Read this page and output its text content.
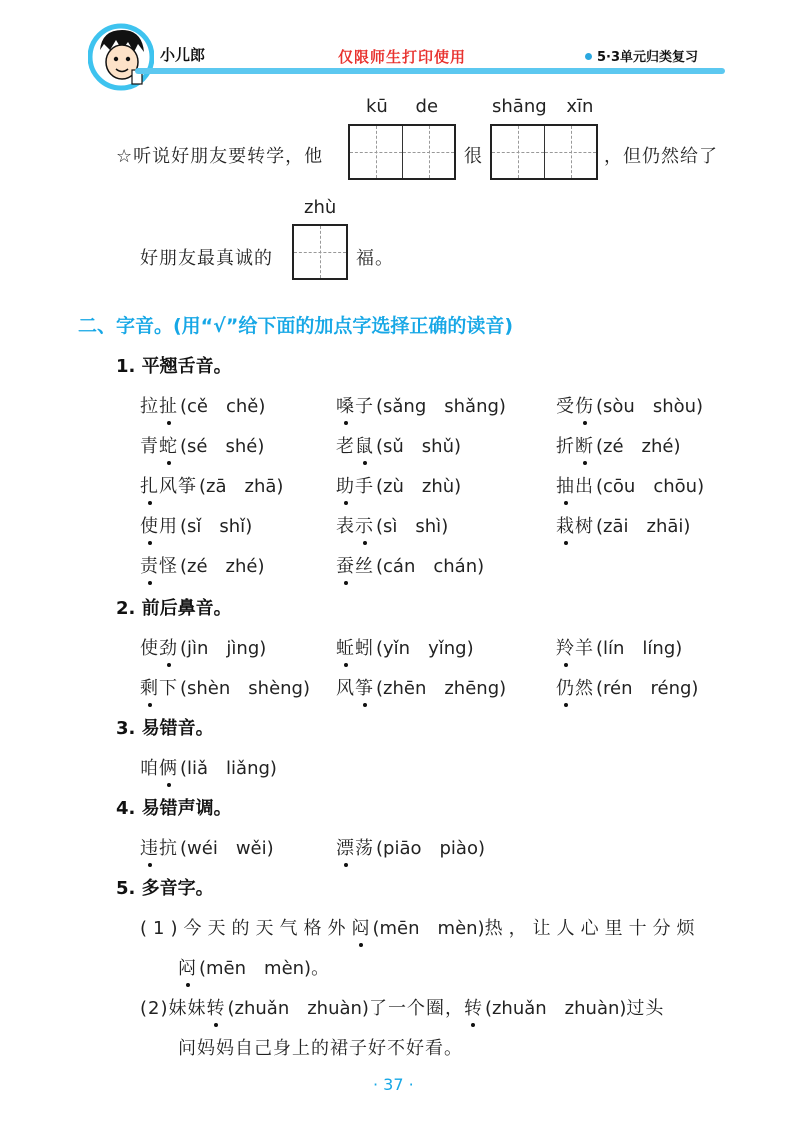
小儿郎	仅限师生打印使用	5·3单元归类复习
kū de	shāng xīn
☆听说好朋友要转学，他	很	，但仍然给了
zhù
好朋友最真诚的	福。
二、字音。(用“√”给下面的加点字选择正确的读音)
1. 平翘舌音。
拉 扯 (cě　chě)	嗓 子 (sǎng　shǎng)	受 伤 (sòu　shòu)
青 蛇 (sé　shé)	老 鼠 (sǔ　shǔ)	折 断 (zé　zhé)
扎 风筝 (zā　zhā)	助 手 (zù　zhù)	抽 出 (cōu　chōu)
使 用 (sǐ　shǐ)	表 示 (sì　shì)	栽 树 (zāi　zhāi)
责 怪 (zé　zhé)	蚕 丝 (cán　chán)
2. 前后鼻音。
使 劲 (jìn　jìng)	蚯 蚓 (yǐn　yǐng)	羚 羊 (lín　líng)
剩 下 (shèn　shèng) 风 筝 (zhēn　zhēng)	仍 然 (rén　réng)
3. 易错音。
咱 俩 (liǎ　liǎng)
4. 易错声调。
违 抗 (wéi　wěi)	漂 荡 (piāo　piào)
5. 多音字。
(1)今天的天气格外 闷 (mēn　mèn) 热，让人心里十分烦
闷 (mēn　mèn)。
(2)妹妹 转 (zhuǎn　zhuàn) 了一个圈， 转 (zhuǎn　zhuàn) 过头
问妈妈自己身上的裙子好不好看。
· 37 ·
